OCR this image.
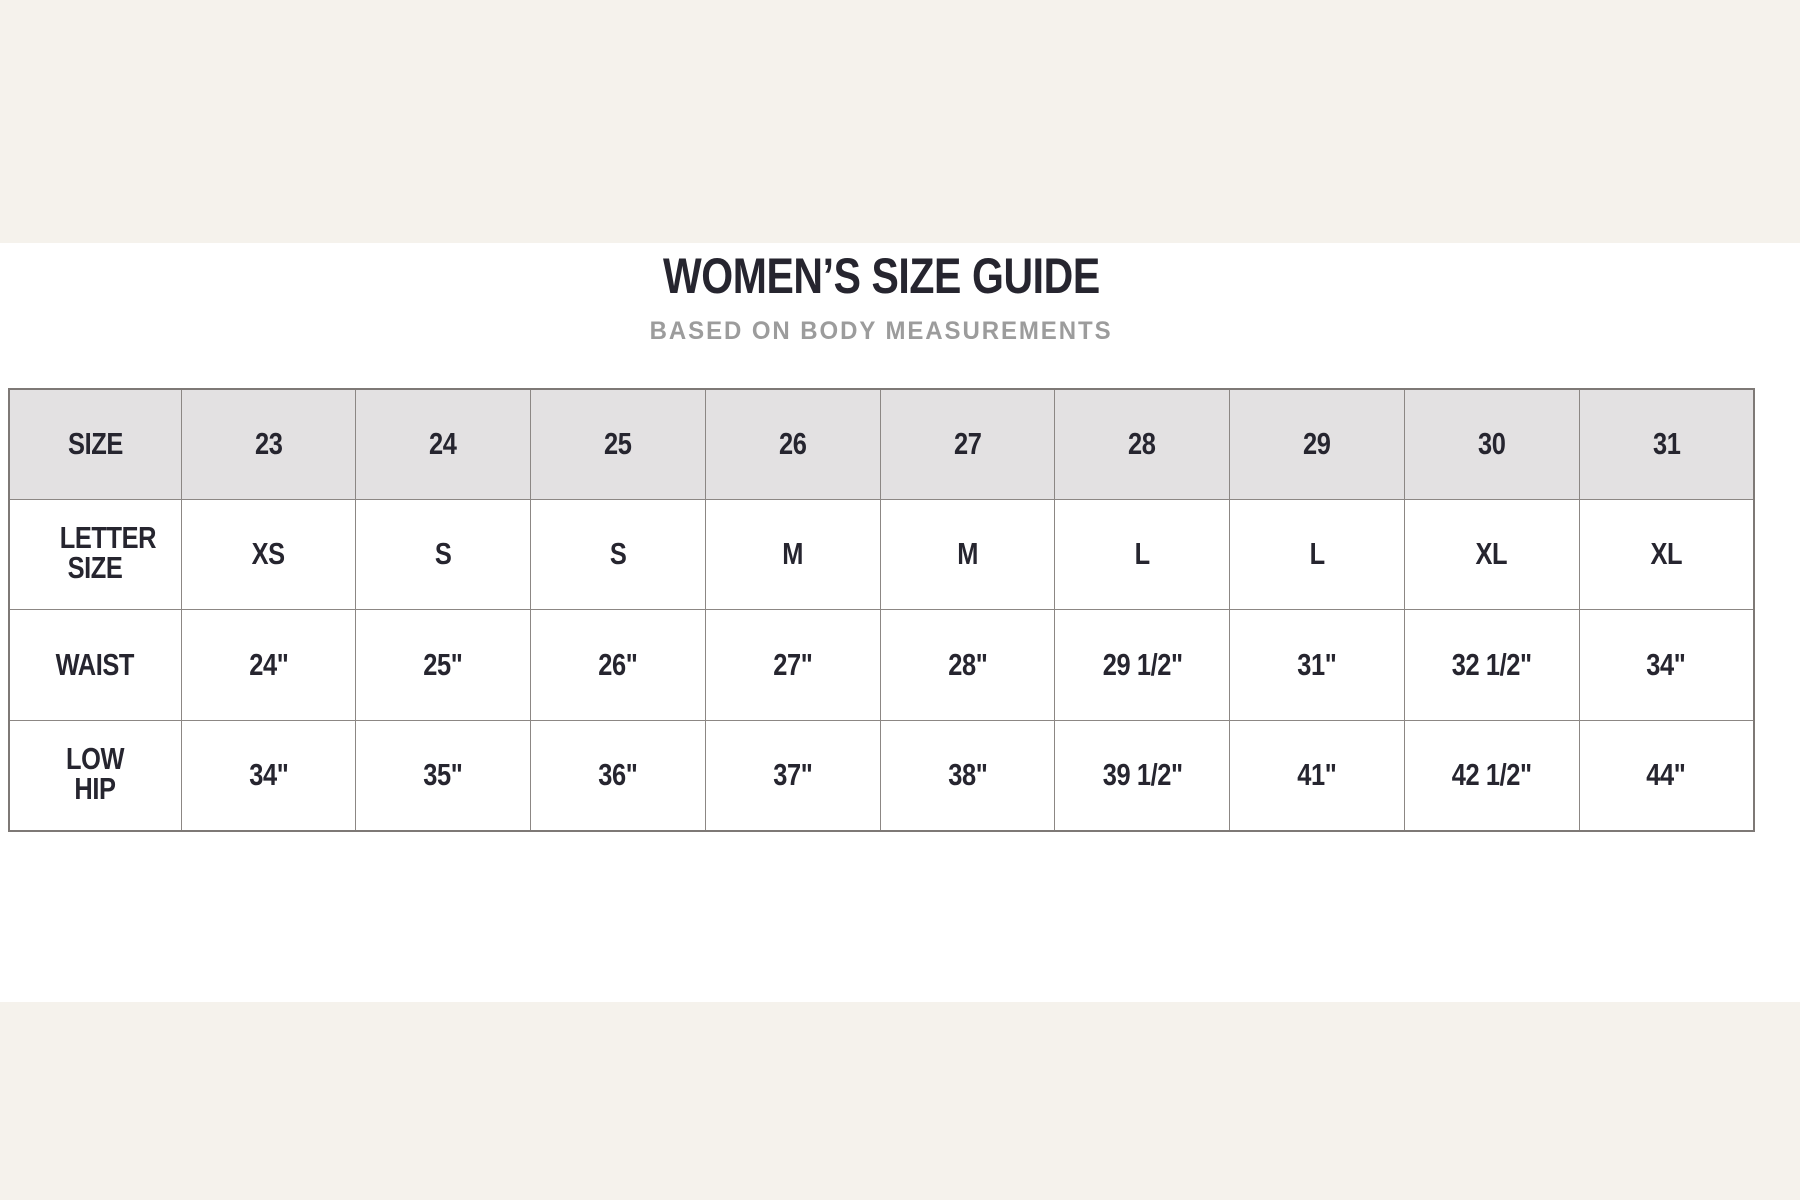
WOMEN’S SIZE GUIDE
BASED ON BODY MEASUREMENTS
SIZE	23	24	25	26	27	28	29	30	31
LETTER
SIZE	XS	S	S	M	M	L	L	XL	XL
WAIST	24"	25"	26"	27"	28"	29 1/2"	31"	32 1/2"	34"
LOW HIP	34"	35"	36"	37"	38"	39 1/2"	41"	42 1/2"	44"
